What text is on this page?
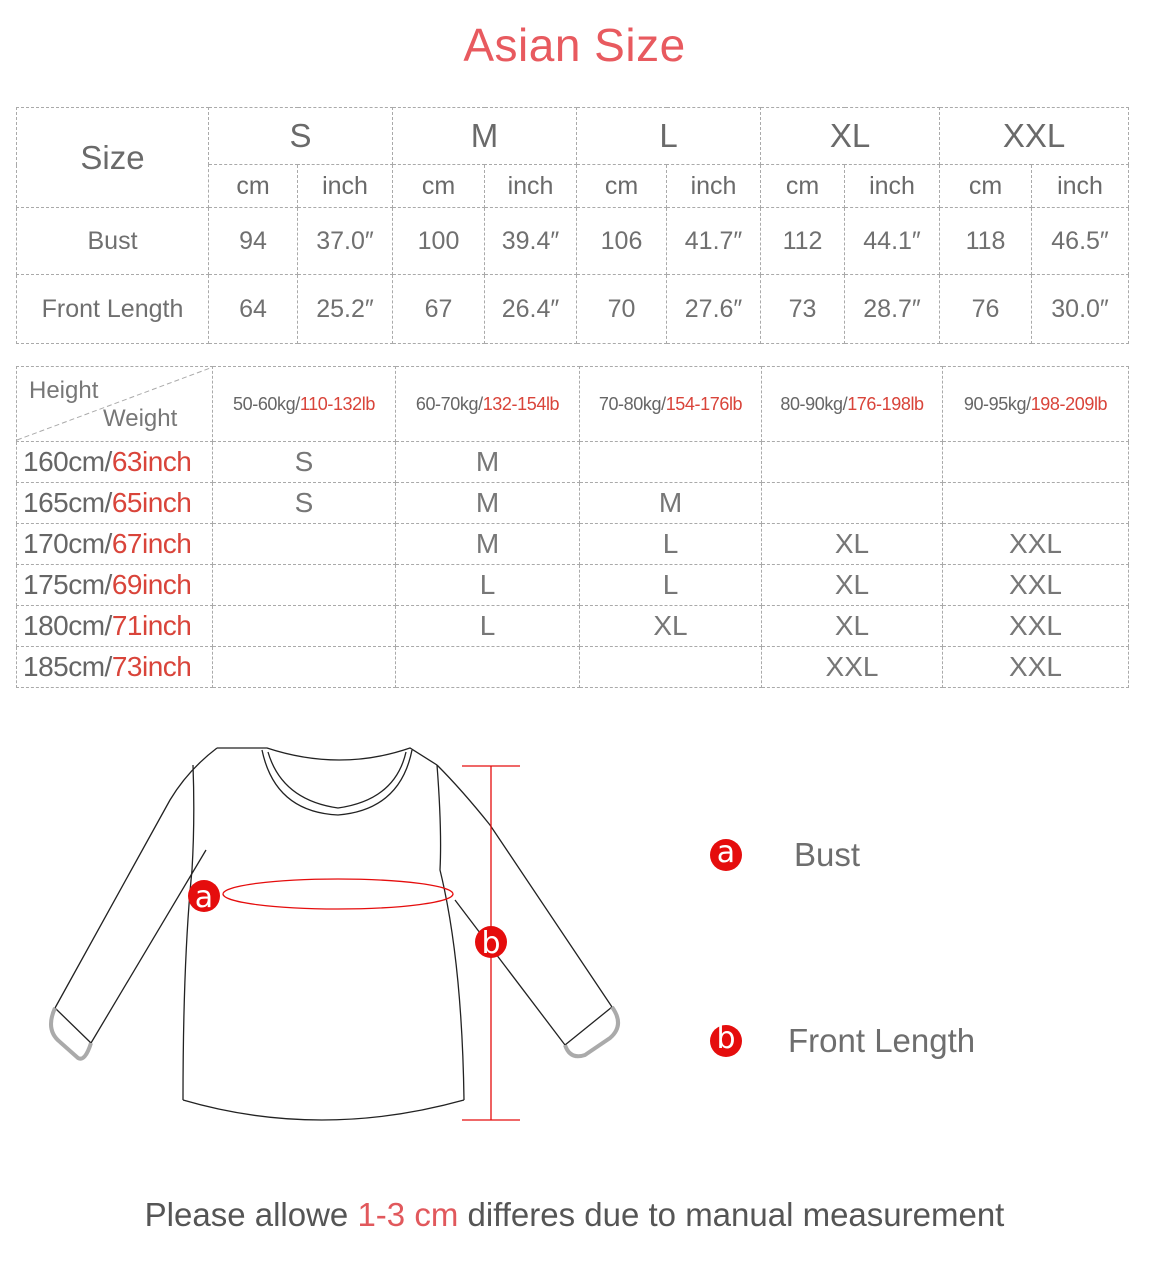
Asian Size
Size	S		M		L		XL		XXL	
	cm	inch	cm	inch	cm	inch	cm	inch	cm	inch
Bust	94	37.0″	100	39.4″	106	41.7″	112	44.1″	118	46.5″
Front Length	64	25.2″	67	26.4″	70	27.6″	73	28.7″	76	30.0″
Height
Weight	50-60kg/110-132lb	60-70kg/132-154lb	70-80kg/154-176lb	80-90kg/176-198lb	90-95kg/198-209lb
160cm/63inch	S	M			
165cm/65inch	S	M	M		
170cm/67inch		M	L	XL	XXL
175cm/69inch		L	L	XL	XXL
180cm/71inch		L	XL	XL	XXL
185cm/73inch				XXL	XXL
a
b
a Bust
b Front Length
Please allowe 1-3 cm differes due to manual measurement
